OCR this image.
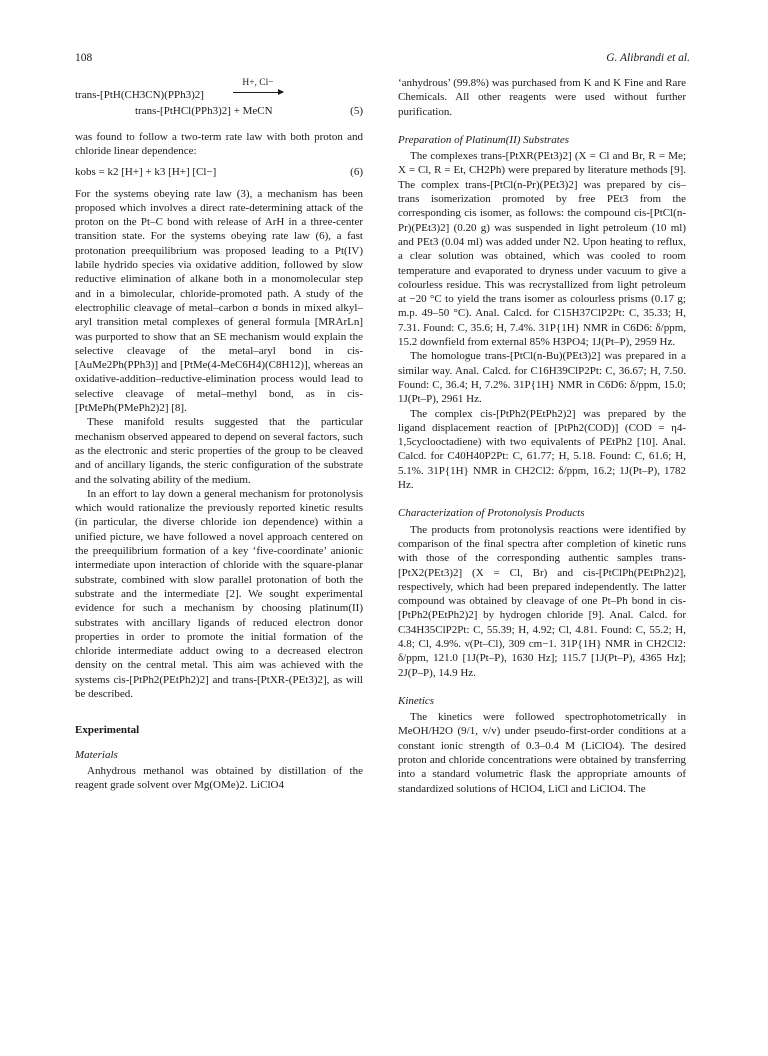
108	G. Alibrandi et al.
trans-[PtH(CH3CN)(PPh3)2]
H+, Cl−
trans-[PtHCl(PPh3)2] + MeCN	(5)

was found to follow a two-term rate law with both proton and chloride linear dependence:

kobs = k2 [H+] + k3 [H+] [Cl−]	(6)

For the systems obeying rate law (3), a mechanism has been proposed which involves a direct rate-determining attack of the proton on the Pt–C bond with release of ArH in a three-center transition state. For the systems obeying rate law (6), a fast protonation preequilibrium was proposed leading to a Pt(IV) labile hydrido species via oxidative addition, followed by slow reductive elimination of alkane both in a monomolecular step and in a bimolecular, chloride-promoted path. A study of the electrophilic cleavage of metal–carbon σ bonds in mixed alkyl–aryl transition metal complexes of general formula [MRArLn] was purported to show that an SE mechanism would explain the selective cleavage of the metal–aryl bond in cis-[AuMe2Ph(PPh3)] and [PtMe(4-MeC6H4)(C8H12)], whereas an oxidative-addition–reductive-elimination process would lead to selective cleavage of metal–methyl bond, as in cis-[PtMePh(PMePh2)2] [8].

These manifold results suggested that the particular mechanism observed appeared to depend on several factors, such as the electronic and steric properties of the group to be cleaved and of ancillary ligands, the steric configuration of the substrate and the solvating ability of the medium.

In an effort to lay down a general mechanism for protonolysis which would rationalize the previously reported kinetic results (in particular, the diverse chloride ion dependence) within a unified picture, we have followed a novel approach centered on the preequilibrium formation of a key ‘five-coordinate’ anionic intermediate upon interaction of chloride with the square-planar substrate, combined with slow parallel protonation of both the substrate and the intermediate [2]. We sought experimental evidence for such a mechanism by choosing platinum(II) substrates with ancillary ligands of reduced electron donor properties in order to promote the initial formation of the chloride intermediate adduct owing to a decreased electron density on the central metal. This aim was achieved with the systems cis-[PtPh2(PEtPh2)2] and trans-[PtXR-(PEt3)2], as will be described.

Experimental
Materials

Anhydrous methanol was obtained by distillation of the reagent grade solvent over Mg(OMe)2. LiClO4

‘anhydrous’ (99.8%) was purchased from K and K Fine and Rare Chemicals. All other reagents were used without further purification.

Preparation of Platinum(II) Substrates

The complexes trans-[PtXR(PEt3)2] (X = Cl and Br, R = Me; X = Cl, R = Et, CH2Ph) were prepared by literature methods [9]. The complex trans-[PtCl(n-Pr)(PEt3)2] was prepared by cis–trans isomerization promoted by free PEt3 from the corresponding cis isomer, as follows: the compound cis-[PtCl(n-Pr)(PEt3)2] (0.20 g) was suspended in light petroleum (10 ml) and PEt3 (0.04 ml) was added under N2. Upon heating to reflux, a clear solution was obtained, which was cooled to room temperature and evaporated to dryness under vacuum to give a colourless residue. This was recrystallized from light petroleum at −20 °C to yield the trans isomer as colourless prisms (0.17 g; m.p. 49–50 °C). Anal. Calcd. for C15H37ClP2Pt: C, 35.33; H, 7.31. Found: C, 35.6; H, 7.4%. 31P{1H} NMR in C6D6: δ/ppm, 15.2 downfield from external 85% H3PO4; 1J(Pt–P), 2959 Hz.

The homologue trans-[PtCl(n-Bu)(PEt3)2] was prepared in a similar way. Anal. Calcd. for C16H39ClP2Pt: C, 36.67; H, 7.50. Found: C, 36.4; H, 7.2%. 31P{1H} NMR in C6D6: δ/ppm, 15.0; 1J(Pt–P), 2961 Hz.

The complex cis-[PtPh2(PEtPh2)2] was prepared by the ligand displacement reaction of [PtPh2(COD)] (COD = η4-1,5cyclooctadiene) with two equivalents of PEtPh2 [10]. Anal. Calcd. for C40H40P2Pt: C, 61.77; H, 5.18. Found: C, 61.6; H, 5.1%. 31P{1H} NMR in CH2Cl2: δ/ppm, 16.2; 1J(Pt–P), 1782 Hz.

Characterization of Protonolysis Products

The products from protonolysis reactions were identified by comparison of the final spectra after completion of kinetic runs with those of the corresponding authentic samples trans-[PtX2(PEt3)2] (X = Cl, Br) and cis-[PtClPh(PEtPh2)2], respectively, which had been prepared independently. The latter compound was obtained by cleavage of one Pt–Ph bond in cis-[PtPh2(PEtPh2)2] by hydrogen chloride [9]. Anal. Calcd. for C34H35ClP2Pt: C, 55.39; H, 4.92; Cl, 4.81. Found: C, 55.2; H, 4.8; Cl, 4.9%. ν(Pt–Cl), 309 cm−1. 31P{1H} NMR in CH2Cl2: δ/ppm, 121.0 [1J(Pt–P), 1630 Hz]; 115.7 [1J(Pt–P), 4365 Hz]; 2J(P–P), 14.9 Hz.

Kinetics

The kinetics were followed spectrophotometrically in MeOH/H2O (9/1, v/v) under pseudo-first-order conditions at a constant ionic strength of 0.3–0.4 M (LiClO4). The desired proton and chloride concentrations were obtained by transferring into a standard volumetric flask the appropriate amounts of standardized solutions of HClO4, LiCl and LiClO4. The
